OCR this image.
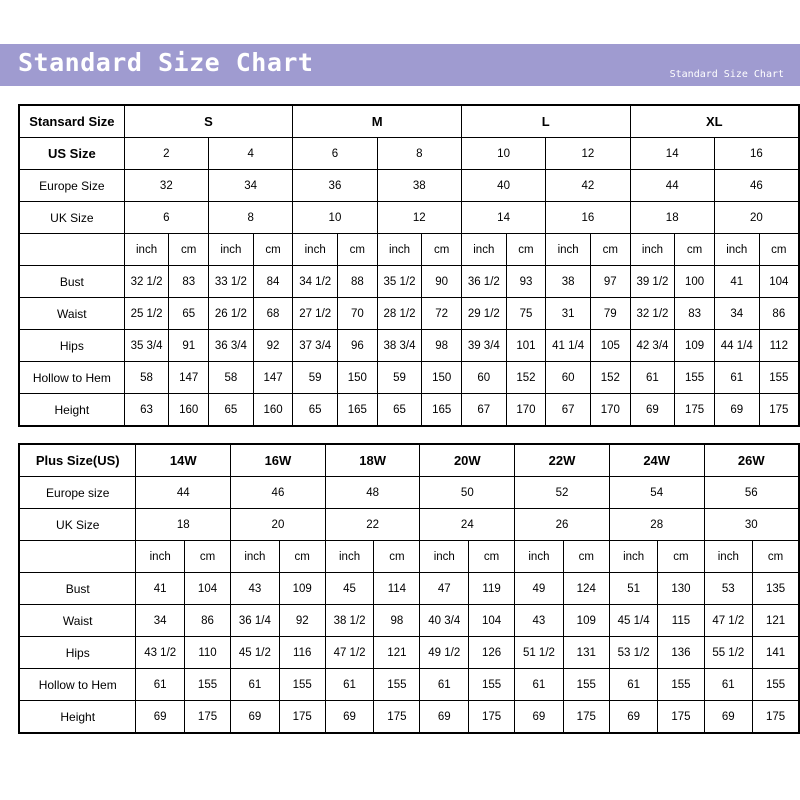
Standard Size Chart	Standard Size Chart
Stansard Size	S				M				L				XL			
US Size	2		4		6		8		10		12		14		16	
Europe Size	32		34		36		38		40		42		44		46	
UK Size	6		8		10		12		14		16		18		20	
	inch	cm	inch	cm	inch	cm	inch	cm	inch	cm	inch	cm	inch	cm	inch	cm
Bust	32 1/2	83	33 1/2	84	34 1/2	88	35 1/2	90	36 1/2	93	38	97	39 1/2	100	41	104
Waist	25 1/2	65	26 1/2	68	27 1/2	70	28 1/2	72	29 1/2	75	31	79	32 1/2	83	34	86
Hips	35 3/4	91	36 3/4	92	37 3/4	96	38 3/4	98	39 3/4	101	41 1/4	105	42 3/4	109	44 1/4	112
Hollow to Hem	58	147	58	147	59	150	59	150	60	152	60	152	61	155	61	155
Height	63	160	65	160	65	165	65	165	67	170	67	170	69	175	69	175
Plus Size(US)	14W		16W		18W		20W		22W		24W		26W	
Europe size	44		46		48		50		52		54		56	
UK Size	18		20		22		24		26		28		30	
	inch	cm	inch	cm	inch	cm	inch	cm	inch	cm	inch	cm	inch	cm
Bust	41	104	43	109	45	114	47	119	49	124	51	130	53	135
Waist	34	86	36 1/4	92	38 1/2	98	40 3/4	104	43	109	45 1/4	115	47 1/2	121
Hips	43 1/2	110	45 1/2	116	47 1/2	121	49 1/2	126	51 1/2	131	53 1/2	136	55 1/2	141
Hollow to Hem	61	155	61	155	61	155	61	155	61	155	61	155	61	155
Height	69	175	69	175	69	175	69	175	69	175	69	175	69	175
